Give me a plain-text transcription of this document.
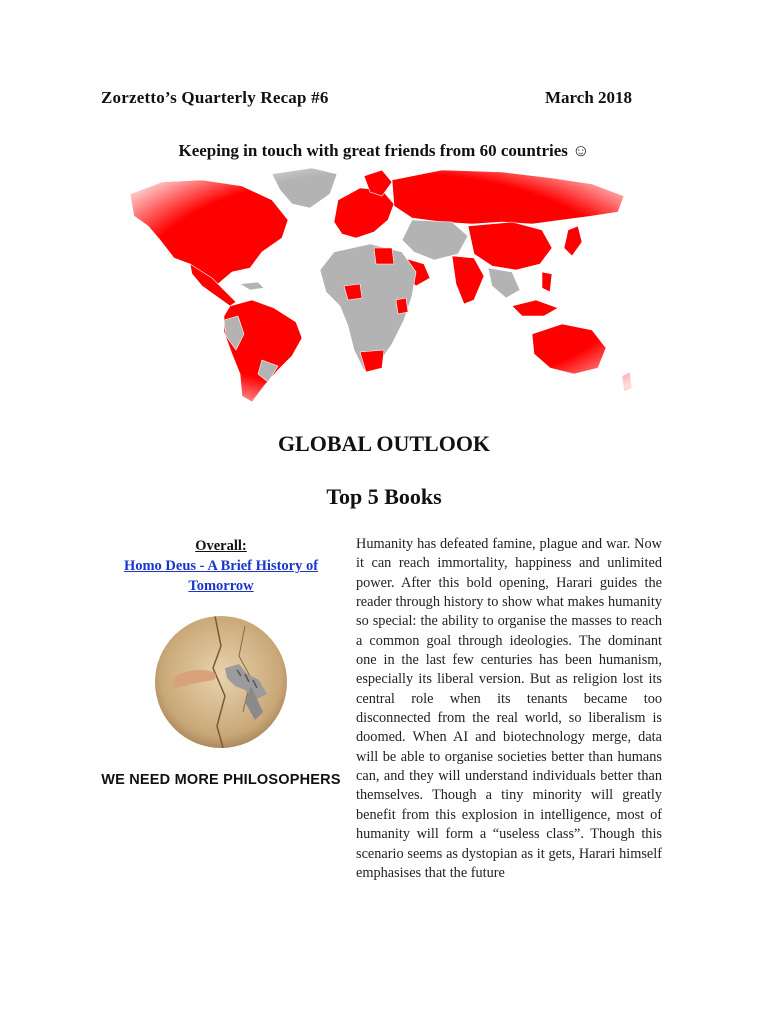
Zorzetto’s Quarterly Recap #6	March 2018
Keeping in touch with great friends from 60 countries ☺
GLOBAL OUTLOOK
Top 5 Books
Overall:
Homo Deus - A Brief History of Tomorrow
WE NEED MORE PHILOSOPHERS
Humanity has defeated famine, plague and war. Now it can reach immortality, happiness and unlimited power. After this bold opening, Harari guides the reader through history to show what makes humanity so special: the ability to organise the masses to reach a common goal through ideologies. The dominant one in the last few centuries has been humanism, especially its liberal version. But as religion lost its central role when its tenants became too disconnected from the real world, so liberalism is doomed. When AI and biotechnology merge, data will be able to organise societies better than humans can, and they will understand individuals better than themselves. Though a tiny minority will greatly benefit from this explosion in intelligence, most of humanity will form a “useless class”. Though this scenario seems as dystopian as it gets, Harari himself emphasises that the future
